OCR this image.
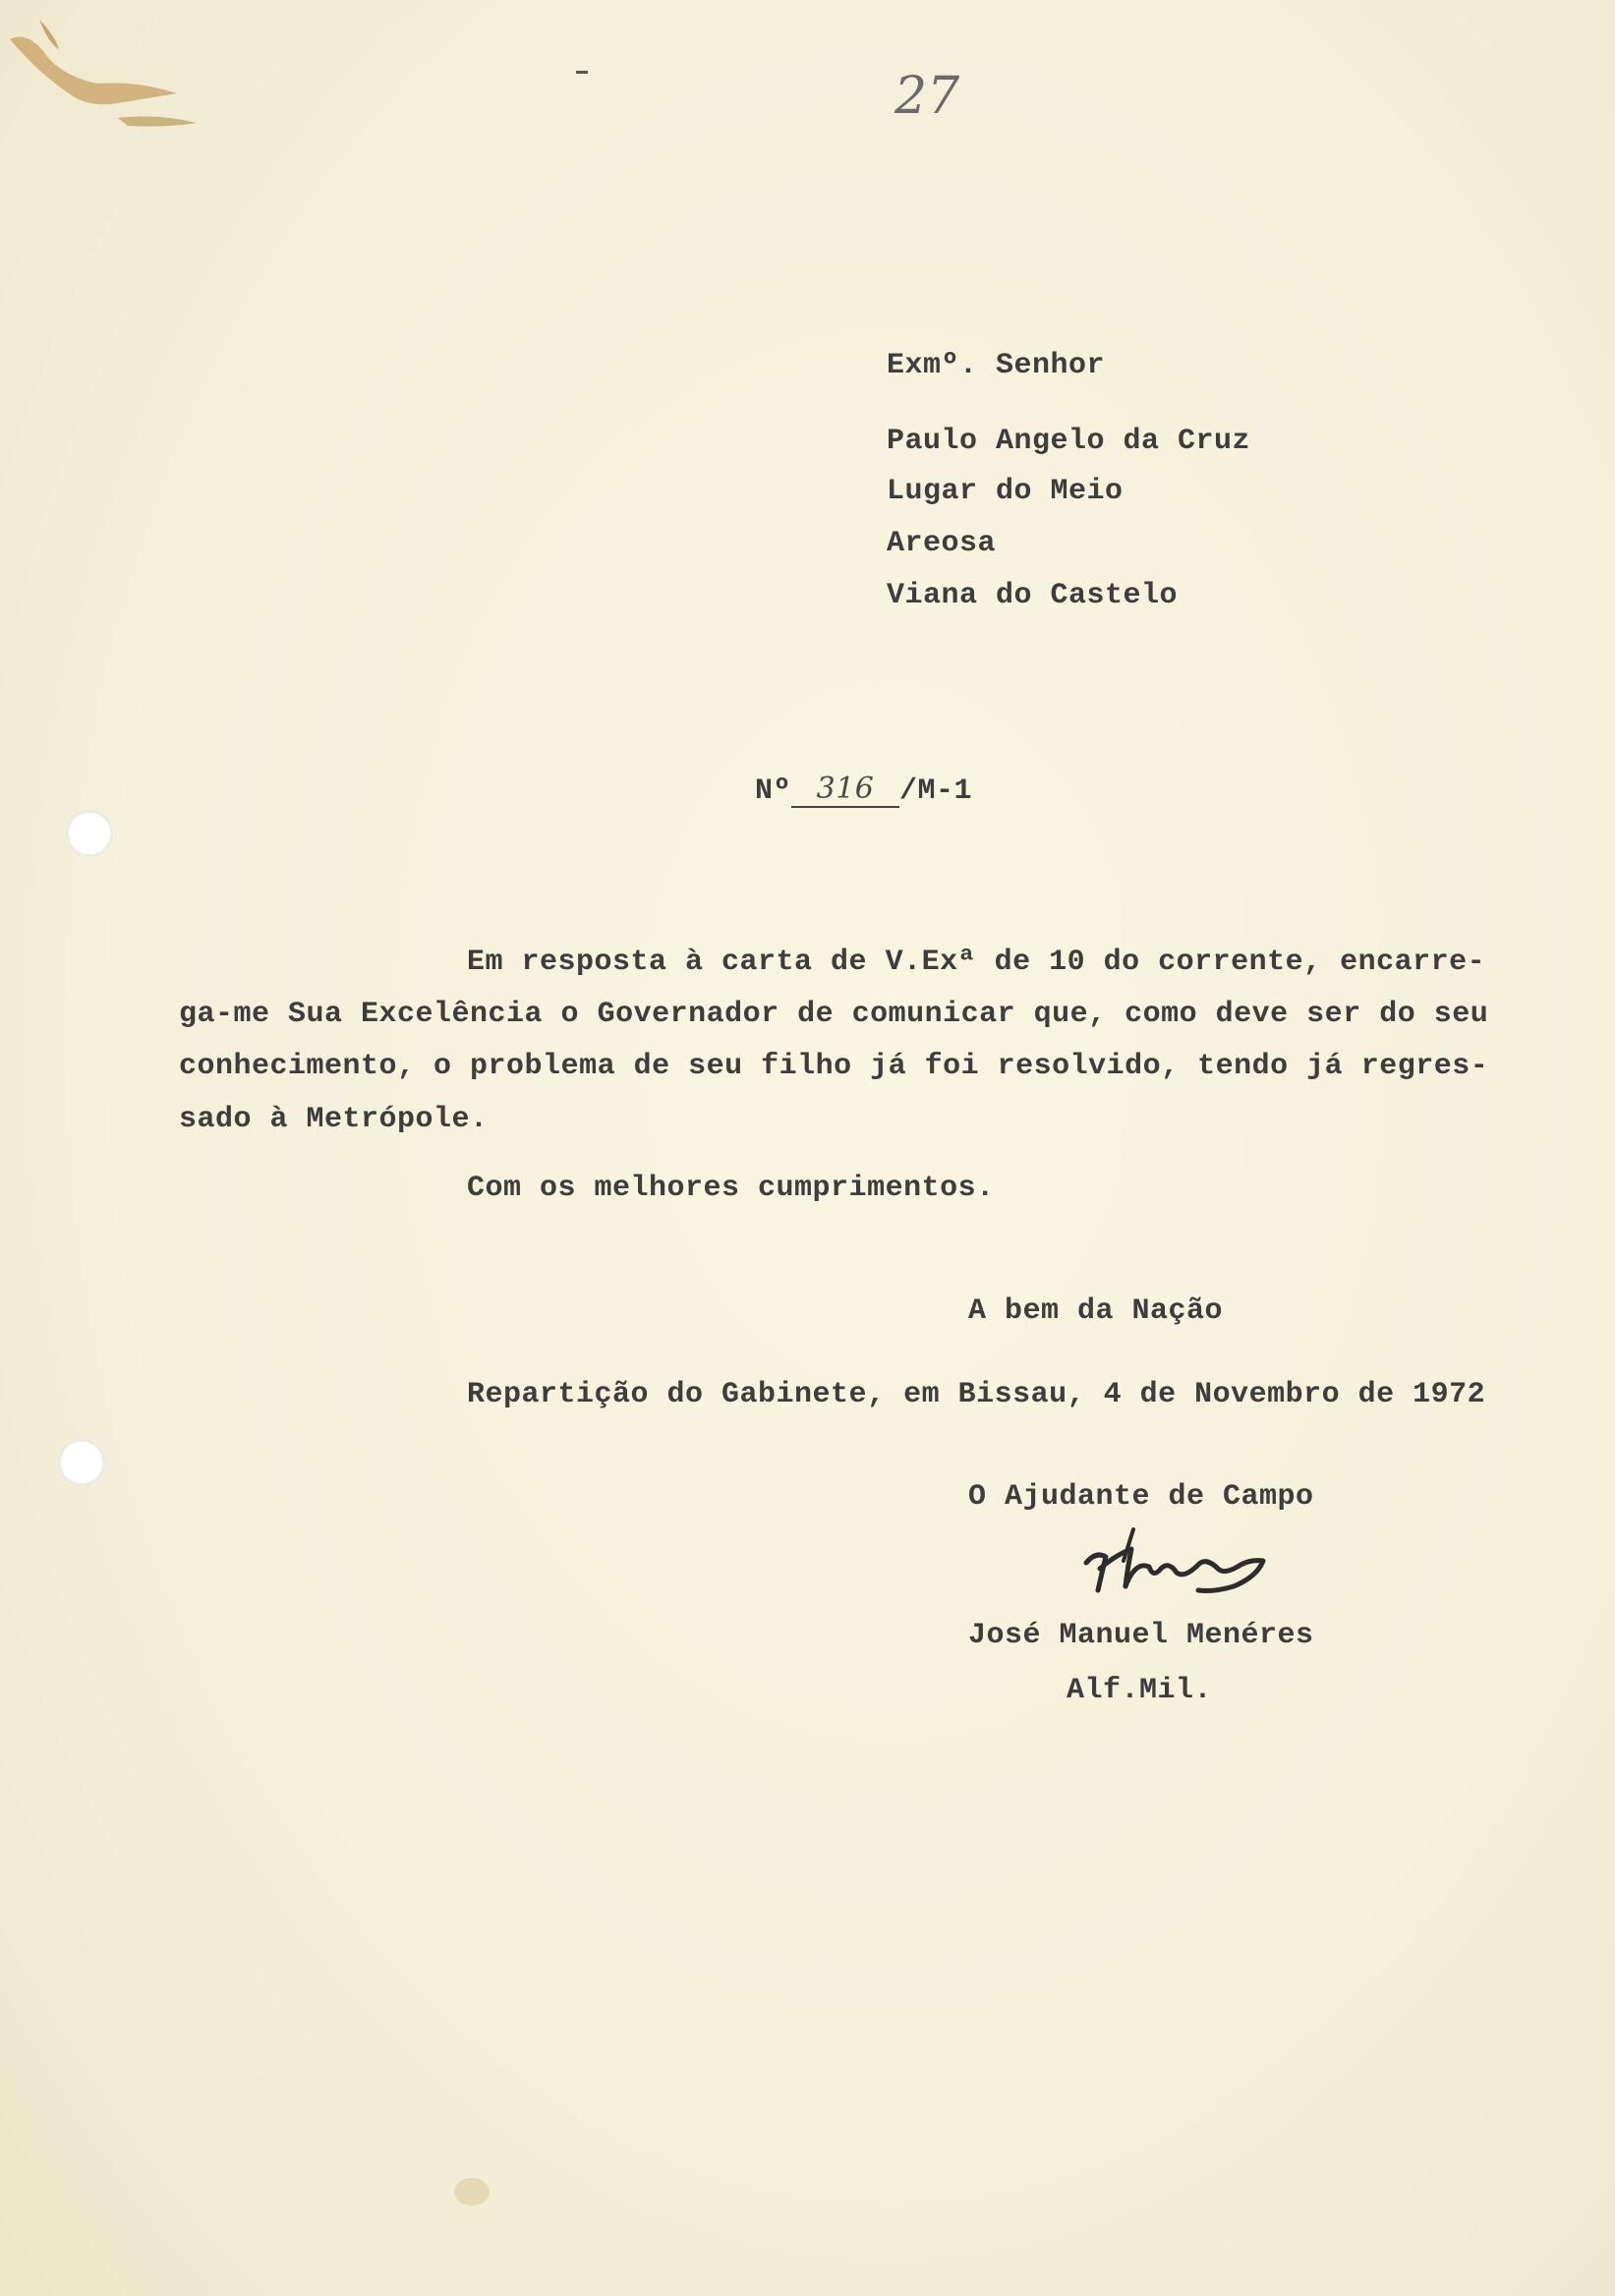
27
Exmº. Senhor
Paulo Angelo da Cruz
Lugar do Meio
Areosa
Viana do Castelo
Nº 316 /M-1
Em resposta à carta de V.Exª de 10 do corrente, encarre-
ga-me Sua Excelência o Governador de comunicar que, como deve ser do seu
conhecimento, o problema de seu filho já foi resolvido, tendo já regres-
sado à Metrópole.
Com os melhores cumprimentos.
A bem da Nação
Repartição do Gabinete, em Bissau, 4 de Novembro de 1972
O Ajudante de Campo
José Manuel Menéres
Alf.Mil.
